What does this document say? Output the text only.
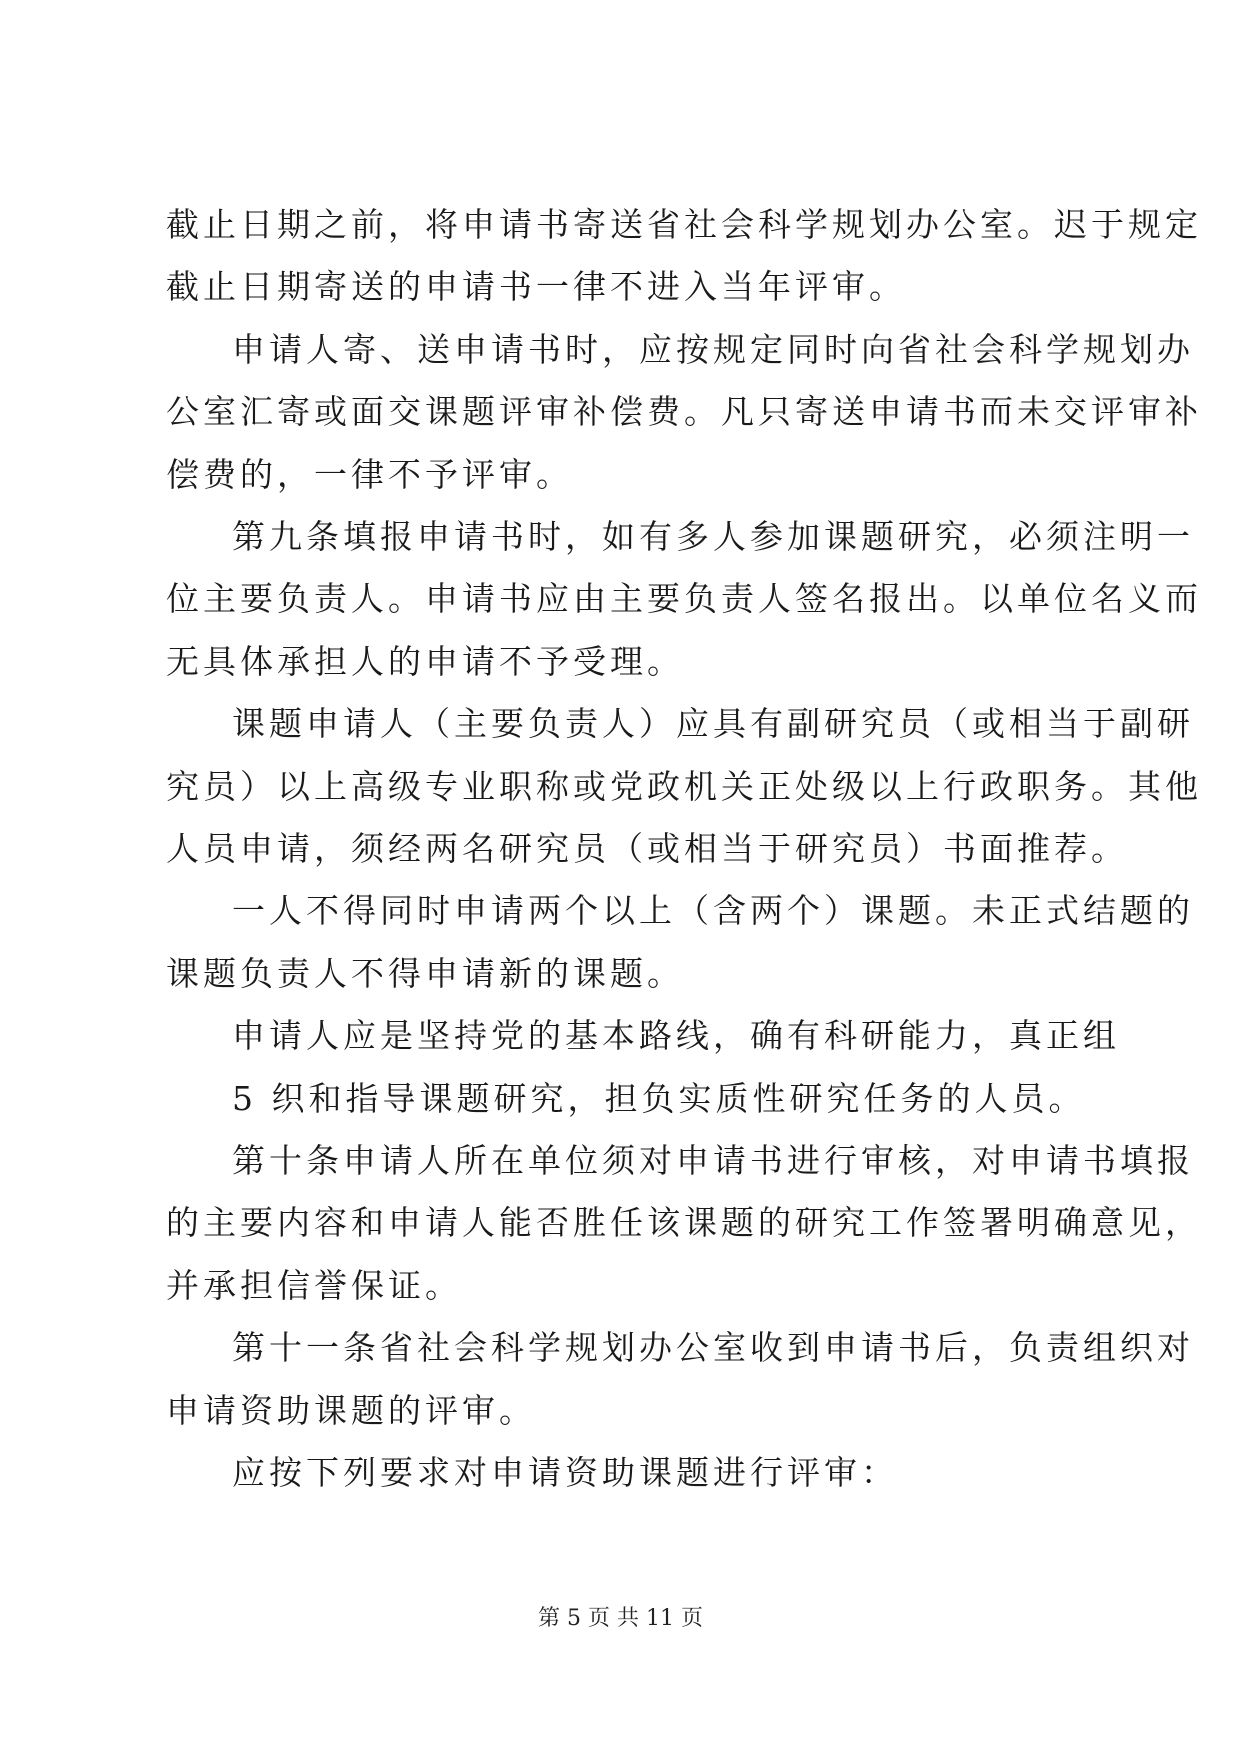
截止日期之前，将申请书寄送省社会科学规划办公室。迟于规定
截止日期寄送的申请书一律不进入当年评审。
申请人寄、送申请书时，应按规定同时向省社会科学规划办
公室汇寄或面交课题评审补偿费。凡只寄送申请书而未交评审补
偿费的，一律不予评审。
第九条填报申请书时，如有多人参加课题研究，必须注明一
位主要负责人。申请书应由主要负责人签名报出。以单位名义而
无具体承担人的申请不予受理。
课题申请人（主要负责人）应具有副研究员（或相当于副研
究员）以上高级专业职称或党政机关正处级以上行政职务。其他
人员申请，须经两名研究员（或相当于研究员）书面推荐。
一人不得同时申请两个以上（含两个）课题。未正式结题的
课题负责人不得申请新的课题。
申请人应是坚持党的基本路线，确有科研能力，真正组
5 织和指导课题研究，担负实质性研究任务的人员。
第十条申请人所在单位须对申请书进行审核，对申请书填报
的主要内容和申请人能否胜任该课题的研究工作签署明确意见，
并承担信誉保证。
第十一条省社会科学规划办公室收到申请书后，负责组织对
申请资助课题的评审。
应按下列要求对申请资助课题进行评审：
第 5 页 共 11 页
